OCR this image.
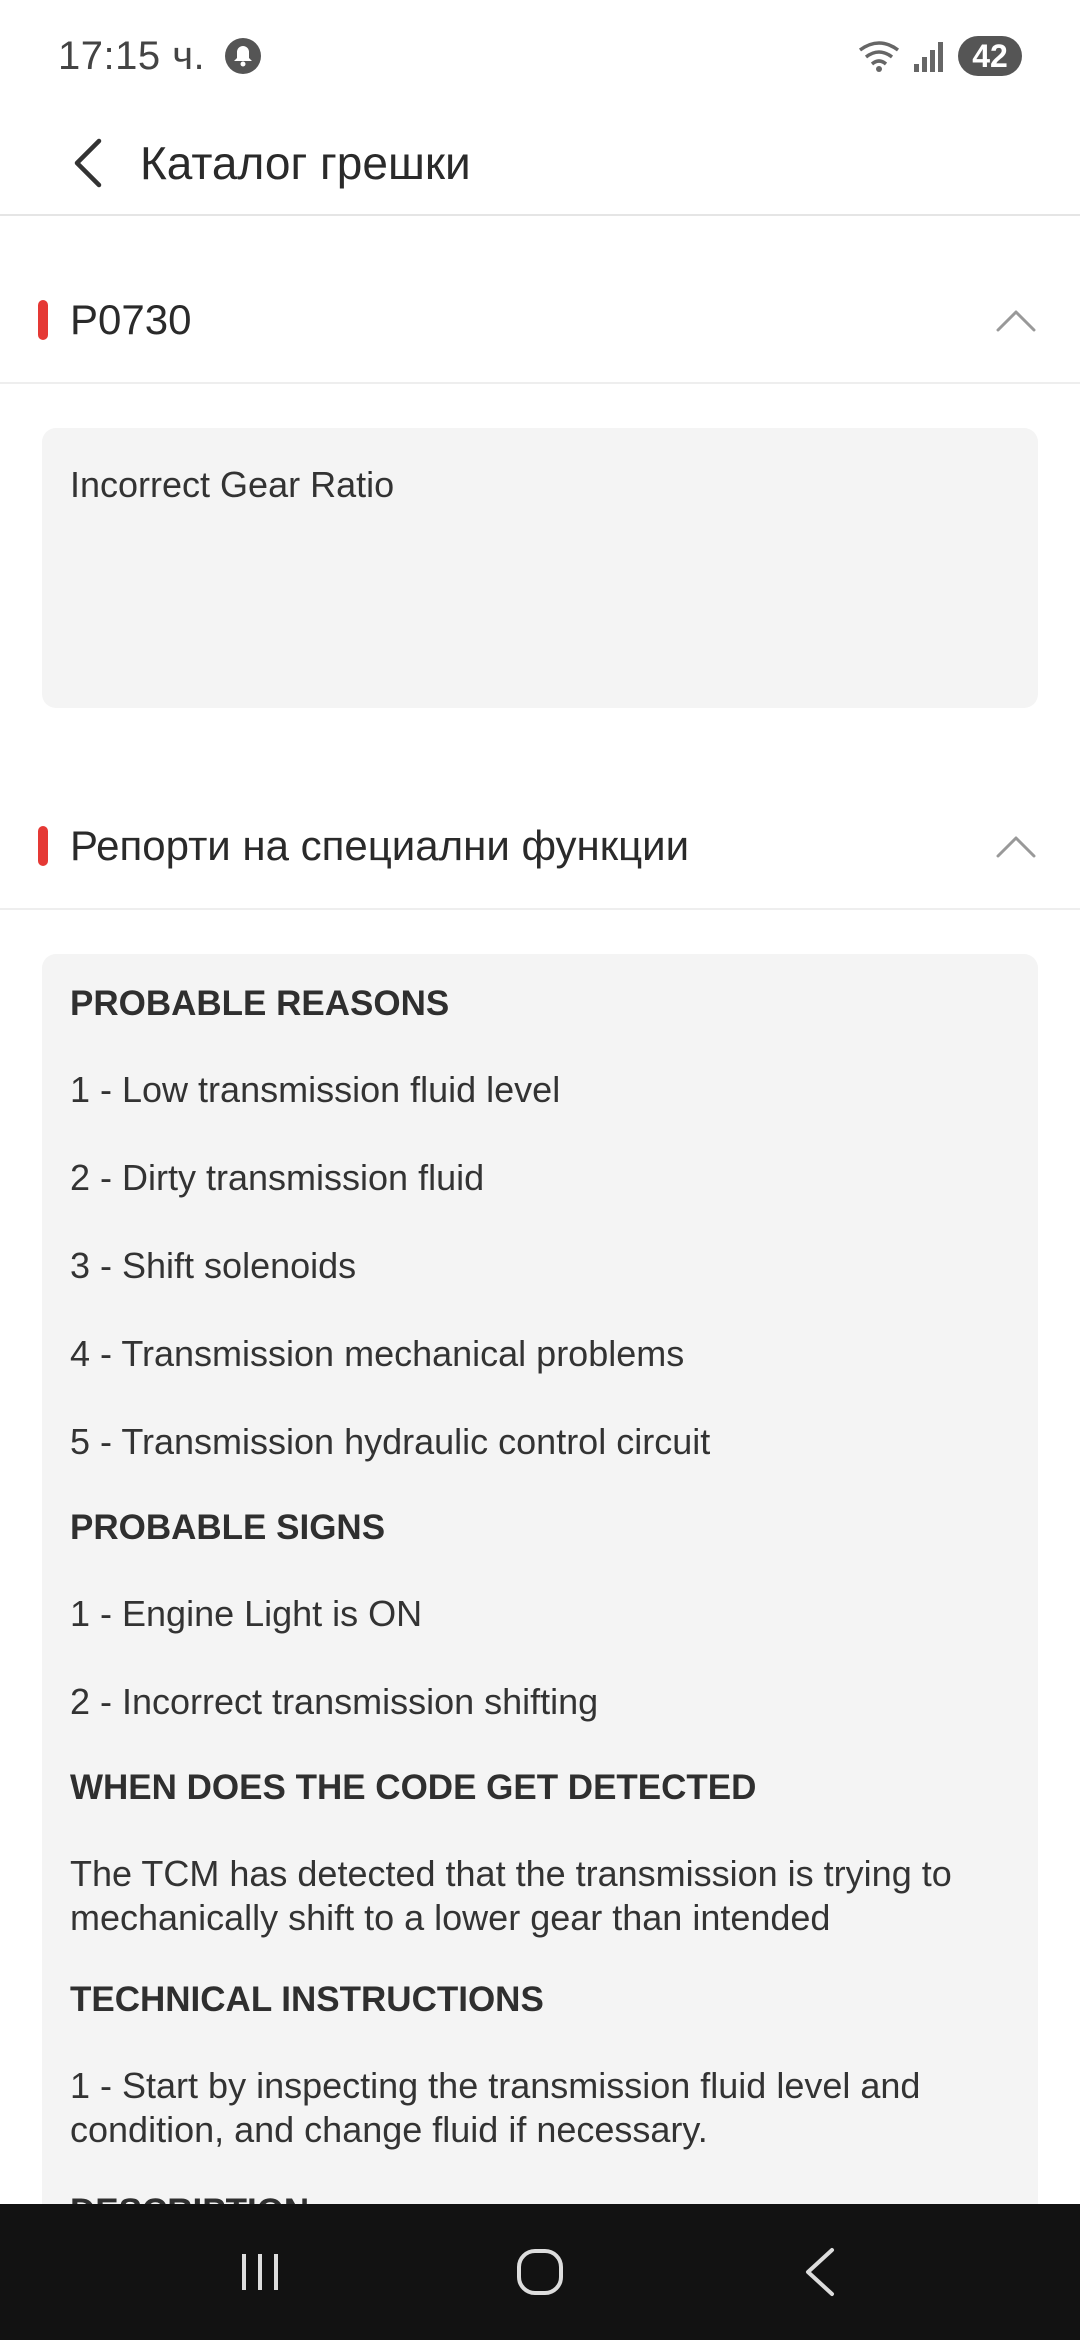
17:15 ч.	42
Каталог грешки
P0730
Incorrect Gear Ratio
Репорти на специални функции
PROBABLE REASONS
1 - Low transmission fluid level
2 - Dirty transmission fluid
3 - Shift solenoids
4 - Transmission mechanical problems
5 - Transmission hydraulic control circuit
PROBABLE SIGNS
1 - Engine Light is ON
2 - Incorrect transmission shifting
WHEN DOES THE CODE GET DETECTED
The TCM has detected that the transmission is trying to mechanically shift to a lower gear than intended
TECHNICAL INSTRUCTIONS
1 - Start by inspecting the transmission fluid level and condition, and change fluid if necessary.
